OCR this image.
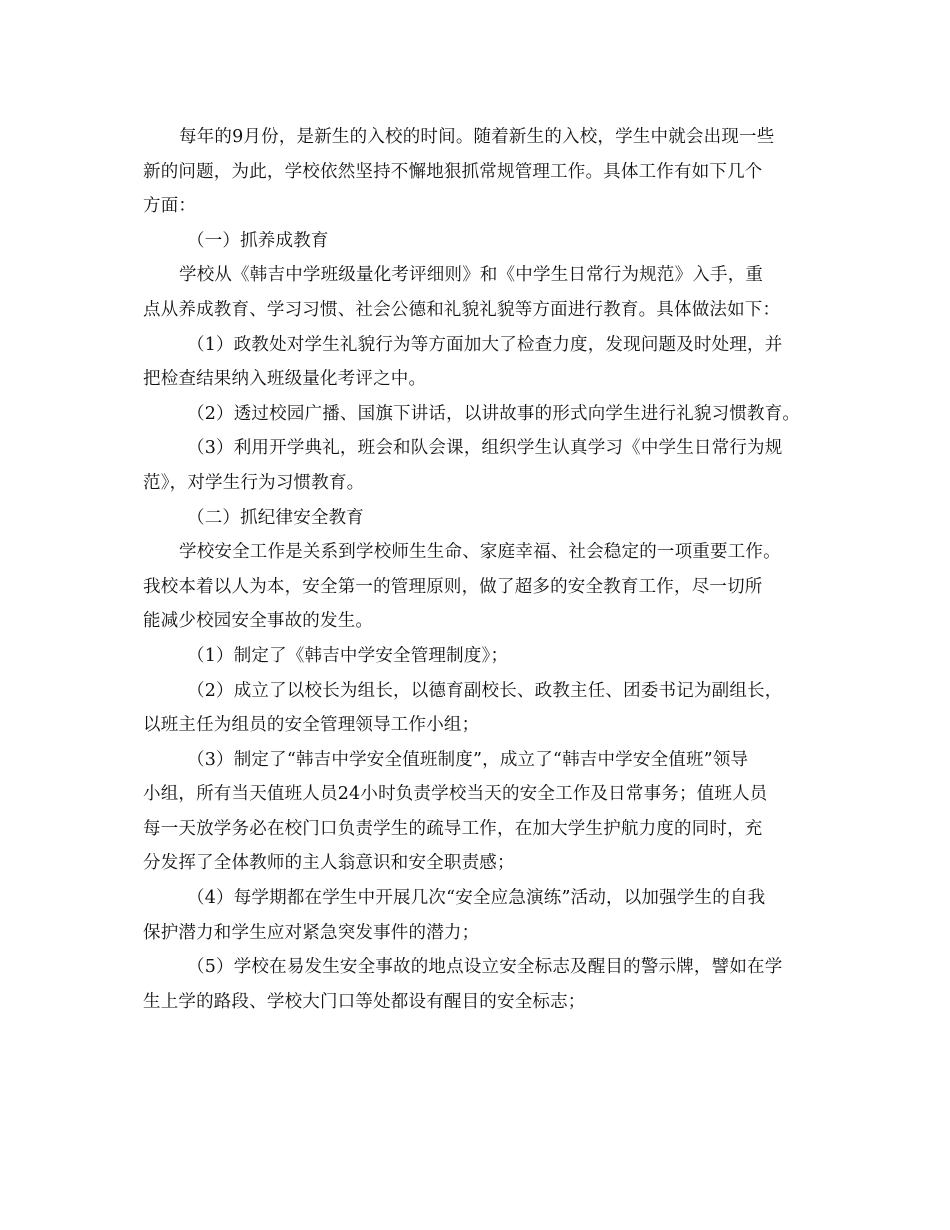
每年的9月份，是新生的入校的时间。随着新生的入校，学生中就会出现一些
新的问题，为此，学校依然坚持不懈地狠抓常规管理工作。具体工作有如下几个
方面：
（一）抓养成教育
学校从《韩吉中学班级量化考评细则》和《中学生日常行为规范》入手，重
点从养成教育、学习习惯、社会公德和礼貌礼貌等方面进行教育。具体做法如下：
（1）政教处对学生礼貌行为等方面加大了检查力度，发现问题及时处理，并
把检查结果纳入班级量化考评之中。
（2）透过校园广播、国旗下讲话，以讲故事的形式向学生进行礼貌习惯教育。
（3）利用开学典礼，班会和队会课，组织学生认真学习《中学生日常行为规
范》，对学生行为习惯教育。
（二）抓纪律安全教育
学校安全工作是关系到学校师生生命、家庭幸福、社会稳定的一项重要工作。
我校本着以人为本，安全第一的管理原则，做了超多的安全教育工作，尽一切所
能减少校园安全事故的发生。
（1）制定了《韩吉中学安全管理制度》；
（2）成立了以校长为组长，以德育副校长、政教主任、团委书记为副组长，
以班主任为组员的安全管理领导工作小组；
（3）制定了“韩吉中学安全值班制度”，成立了“韩吉中学安全值班”领导
小组，所有当天值班人员24小时负责学校当天的安全工作及日常事务；值班人员
每一天放学务必在校门口负责学生的疏导工作，在加大学生护航力度的同时，充
分发挥了全体教师的主人翁意识和安全职责感；
（4）每学期都在学生中开展几次“安全应急演练”活动，以加强学生的自我
保护潜力和学生应对紧急突发事件的潜力；
（5）学校在易发生安全事故的地点设立安全标志及醒目的警示牌，譬如在学
生上学的路段、学校大门口等处都设有醒目的安全标志；
